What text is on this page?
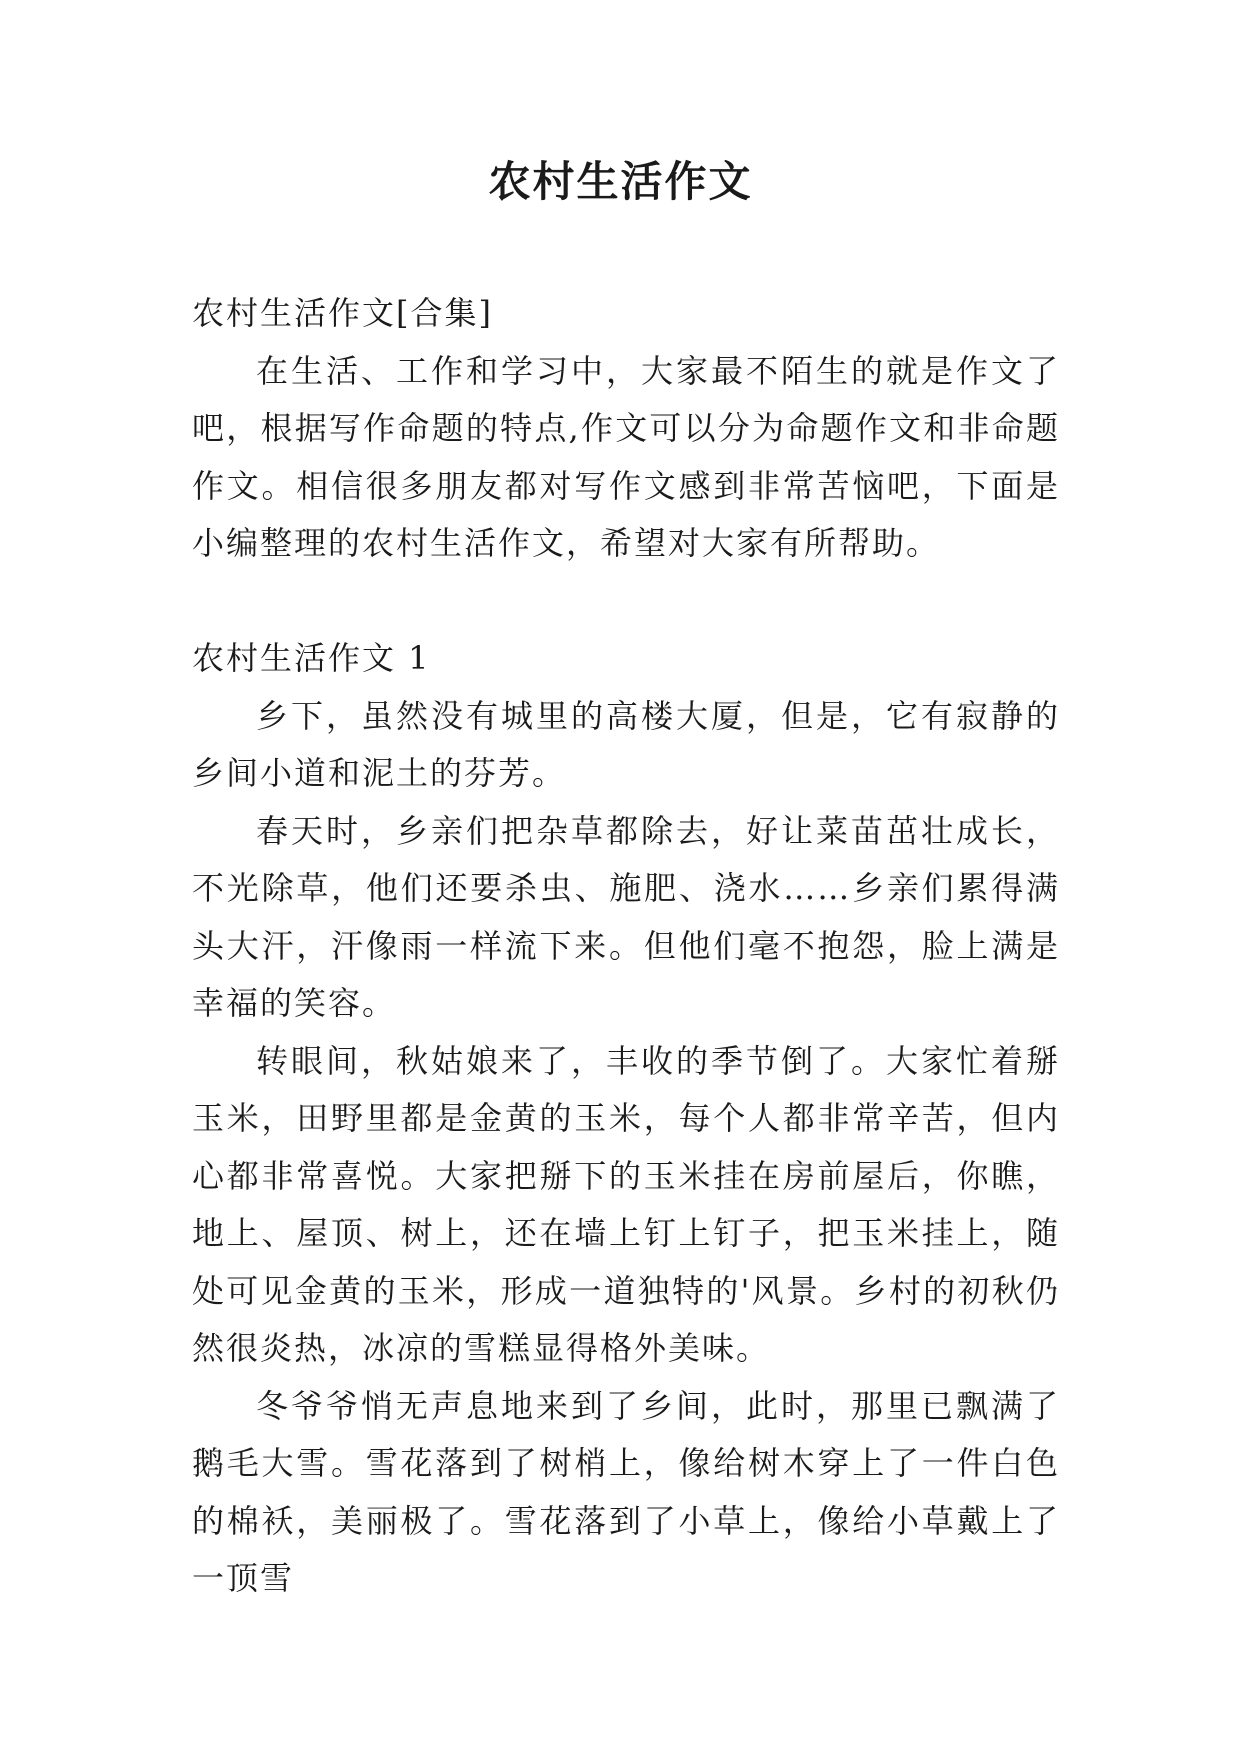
农村生活作文

农村生活作文[合集]

在生活、工作和学习中，大家最不陌生的就是作文了吧，根据写作命题的特点,作文可以分为命题作文和非命题作文。相信很多朋友都对写作文感到非常苦恼吧，下面是小编整理的农村生活作文，希望对大家有所帮助。

农村生活作文 1

乡下，虽然没有城里的高楼大厦，但是，它有寂静的乡间小道和泥土的芬芳。

春天时，乡亲们把杂草都除去，好让菜苗茁壮成长，不光除草，他们还要杀虫、施肥、浇水……乡亲们累得满头大汗，汗像雨一样流下来。但他们毫不抱怨，脸上满是幸福的笑容。

转眼间，秋姑娘来了，丰收的季节倒了。大家忙着掰玉米，田野里都是金黄的玉米，每个人都非常辛苦，但内心都非常喜悦。大家把掰下的玉米挂在房前屋后，你瞧，地上、屋顶、树上，还在墙上钉上钉子，把玉米挂上，随处可见金黄的玉米，形成一道独特的'风景。乡村的初秋仍然很炎热，冰凉的雪糕显得格外美味。

冬爷爷悄无声息地来到了乡间，此时，那里已飘满了鹅毛大雪。雪花落到了树梢上，像给树木穿上了一件白色的棉袄，美丽极了。雪花落到了小草上，像给小草戴上了一顶雪
